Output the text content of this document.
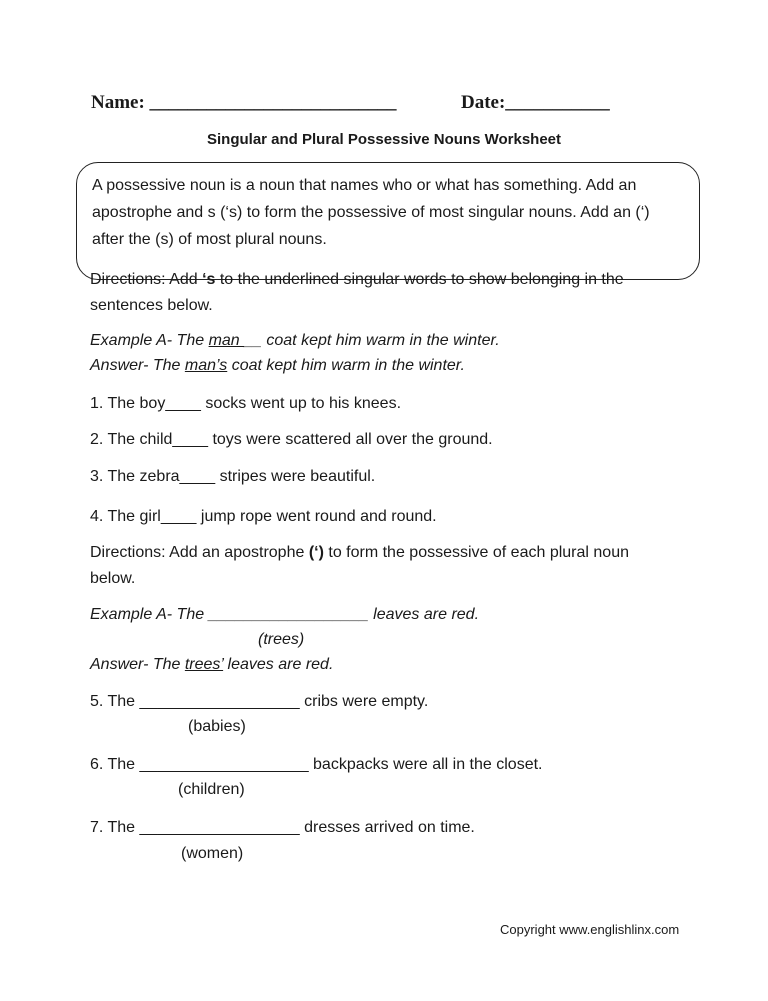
Name: __________________________	Date:___________
Singular and Plural Possessive Nouns Worksheet
A possessive noun is a noun that names who or what has something. Add an
apostrophe and s (‘s) to form the possessive of most singular nouns. Add an (‘)
after the (s) of most plural nouns.
Directions: Add ‘s to the underlined singular words to show belonging in the
sentences below.
Example A- The man __ coat kept him warm in the winter.
Answer- The man’s coat kept him warm in the winter.
1. The boy____ socks went up to his knees.
2. The child____ toys were scattered all over the ground.
3. The zebra____ stripes were beautiful.
4. The girl____ jump rope went round and round.
Directions: Add an apostrophe (‘) to form the possessive of each plural noun
below.
Example A- The __________________ leaves are red.
(trees)
Answer- The trees’ leaves are red.
5. The __________________ cribs were empty.
(babies)
6. The ___________________ backpacks were all in the closet.
(children)
7. The __________________ dresses arrived on time.
(women)
Copyright www.englishlinx.com
